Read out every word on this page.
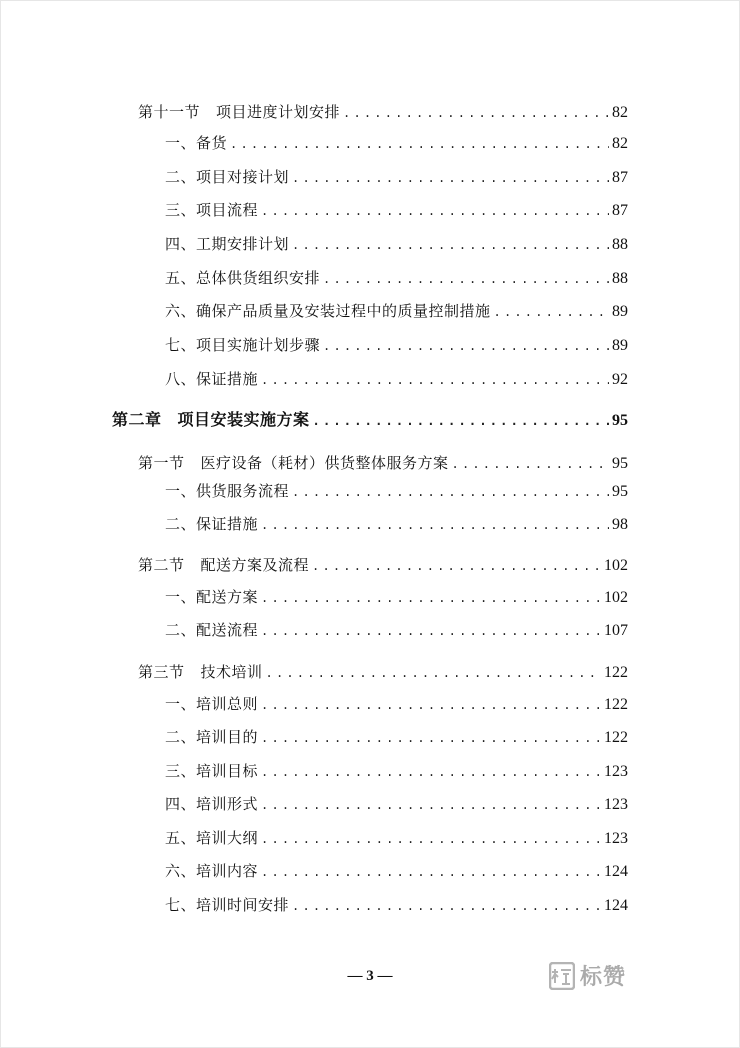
第十一节 项目进度计划安排 .....	82
一、备货 .....	82
二、项目对接计划 .....	87
三、项目流程 .....	87
四、工期安排计划 .....	88
五、总体供货组织安排 .....	88
六、确保产品质量及安装过程中的质量控制措施 .....	89
七、项目实施计划步骤 .....	89
八、保证措施 .....	92
第二章 项目安装实施方案 .....	95
第一节 医疗设备（耗材）供货整体服务方案 .....	95
一、供货服务流程 .....	95
二、保证措施 .....	98
第二节 配送方案及流程 .....	102
一、配送方案 .....	102
二、配送流程 .....	107
第三节 技术培训 .....	122
一、培训总则 .....	122
二、培训目的 .....	122
三、培训目标 .....	123
四、培训形式 .....	123
五、培训大纲 .....	123
六、培训内容 .....	124
七、培训时间安排 .....	124
— 3 —	标赞
